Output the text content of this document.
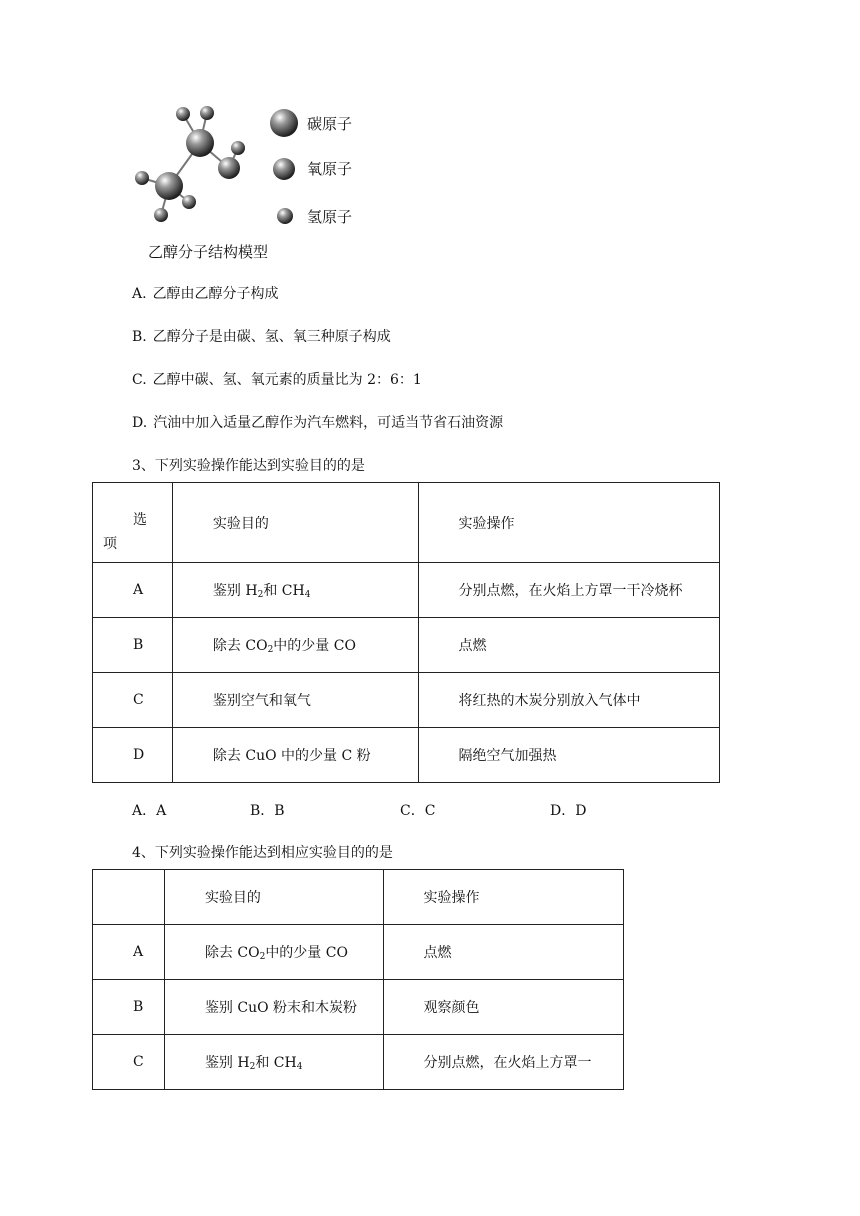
碳原子
氧原子
氢原子
乙醇分子结构模型
A. 乙醇由乙醇分子构成
B. 乙醇分子是由碳、氢、氧三种原子构成
C. 乙醇中碳、氢、氧元素的质量比为 2：6：1
D. 汽油中加入适量乙醇作为汽车燃料，可适当节省石油资源
3、下列实验操作能达到实验目的的是
选
项	实验目的	实验操作
A	鉴别 $H_2$和 $CH_4$	分别点燃，在火焰上方罩一干冷烧杯
B	除去 $CO_2$中的少量 CO	点燃
C	鉴别空气和氧气	将红热的木炭分别放入气体中
D	除去 CuO 中的少量 C 粉	隔绝空气加强热
A．A	B．B	C．C	D．D
4、下列实验操作能达到相应实验目的的是
	实验目的	实验操作
A	除去 $CO_2$中的少量 CO	点燃
B	鉴别 CuO 粉末和木炭粉	观察颜色
C	鉴别 $H_2$和 $CH_4$	分别点燃，在火焰上方罩一
